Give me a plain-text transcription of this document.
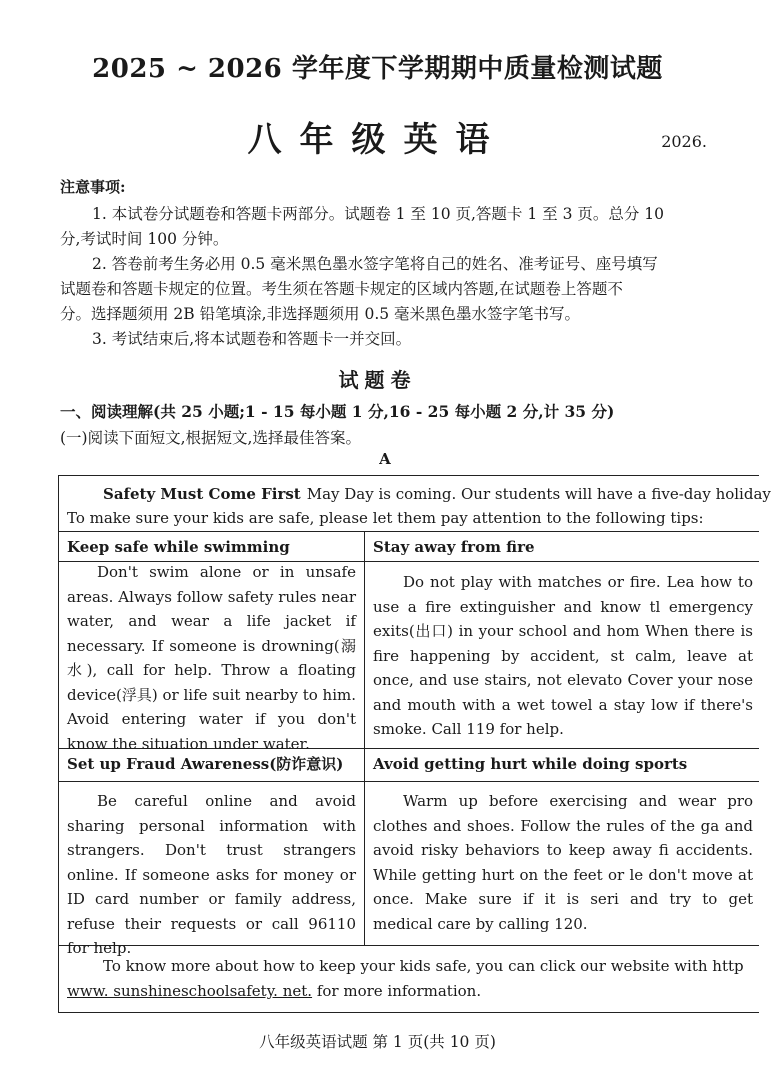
2025 ~ 2026 学年度下学期期中质量检测试题
八年级英语	2026.
注意事项:

1. 本试卷分试题卷和答题卡两部分。试题卷 1 至 10 页,答题卡 1 至 3 页。总分 10

分,考试时间 100 分钟。

2. 答卷前考生务必用 0.5 毫米黑色墨水签字笔将自己的姓名、准考证号、座号填写

试题卷和答题卡规定的位置。考生须在答题卡规定的区域内答题,在试题卷上答题不

分。选择题须用 2B 铅笔填涂,非选择题须用 0.5 毫米黑色墨水签字笔书写。

3. 考试结束后,将本试题卷和答题卡一并交回。

试题卷
一、阅读理解(共 25 小题;1 - 15 每小题 1 分,16 - 25 每小题 2 分,计 35 分)
(一)阅读下面短文,根据短文,选择最佳答案。
A
Safety Must Come First May Day is coming. Our students will have a five-day holiday
To make sure your kids are safe, please let them pay attention to the following tips:
Keep safe while swimming	Stay away from fire

Don't swim alone or in unsafe areas. Always follow safety rules near water, and wear a life jacket if necessary. If someone is drowning(溺水), call for help. Throw a floating device(浮具) or life suit nearby to him. Avoid entering water if you don't know the situation under water.

Do not play with matches or fire. Lea how to use a fire extinguisher and know tl emergency exits(出口) in your school and hom When there is fire happening by accident, st calm, leave at once, and use stairs, not elevato Cover your nose and mouth with a wet towel a stay low if there's smoke. Call 119 for help.

Set up Fraud Awareness(防诈意识)	Avoid getting hurt while doing sports

Be careful online and avoid sharing personal information with strangers. Don't trust strangers online. If someone asks for money or ID card number or family address, refuse their requests or call 96110 for help.

Warm up before exercising and wear pro clothes and shoes. Follow the rules of the ga and avoid risky behaviors to keep away fi accidents. While getting hurt on the feet or le don't move at once. Make sure if it is seri and try to get medical care by calling 120.

To know more about how to keep your kids safe, you can click our website with http
www. sunshineschoolsafety. net. for more information.
八年级英语试题 第 1 页(共 10 页)
